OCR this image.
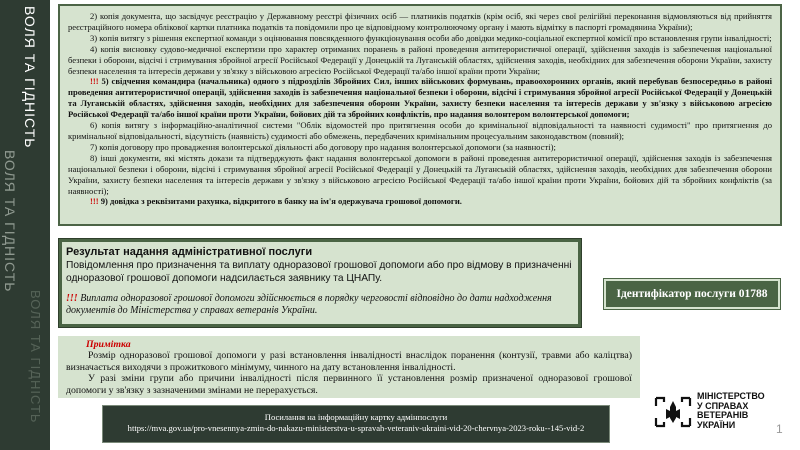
ВОЛЯ ТА ГІДНІСТЬ
ВОЛЯ ТА ГІДНІСТЬ
ВОЛЯ ТА ГІДНІСТЬ

2) копія документа, що засвідчує реєстрацію у Державному реєстрі фізичних осіб — платників податків (крім осіб, які через свої релігійні переконання відмовляються від прийняття реєстраційного номера облікової картки платника податків та повідомили про це відповідному контролюючому органу і мають відмітку в паспорті громадянина України);

3) копія витягу з рішення експертної команди з оцінювання повсякденного функціонування особи або довідки медико-соціальної експертної комісії про встановлення групи інвалідності;

4) копія висновку судово-медичної експертизи про характер отриманих поранень в районі проведення антитерористичної операції, здійснення заходів із забезпечення національної безпеки і оборони, відсічі і стримування збройної агресії Російської Федерації у Донецькій та Луганській областях, здійснення заходів, необхідних для забезпечення оборони України, захисту безпеки населення та інтересів держави у зв'язку з військовою агресією Російської Федерації та/або іншої країни проти України;

!!! 5) свідчення командира (начальника) одного з підрозділів Збройних Сил, інших військових формувань, правоохоронних органів, який перебував безпосередньо в районі проведення антитерористичної операції, здійснення заходів із забезпечення національної безпеки і оборони, відсічі і стримування збройної агресії Російської Федерації у Донецькій та Луганській областях, здійснення заходів, необхідних для забезпечення оборони України, захисту безпеки населення та інтересів держави у зв'язку з військовою агресією Російської Федерації та/або іншої країни проти України, бойових дій та збройних конфліктів, про надання волонтером волонтерської допомоги;

6) копія витягу з інформаційно-аналітичної системи "Облік відомостей про притягнення особи до кримінальної відповідальності та наявності судимості" про притягнення до кримінальної відповідальності, відсутність (наявність) судимості або обмежень, передбачених кримінальним процесуальним законодавством (повний);

7) копія договору про провадження волонтерської діяльності або договору про надання волонтерської допомоги (за наявності);

8) інші документи, які містять докази та підтверджують факт надання волонтерської допомоги в районі проведення антитерористичної операції, здійснення заходів із забезпечення національної безпеки і оборони, відсічі і стримування збройної агресії Російської Федерації у Донецькій та Луганській областях, здійснення заходів, необхідних для забезпечення оборони України, захисту безпеки населення та інтересів держави у зв'язку з військовою агресією Російської Федерації та/або іншої країни проти України, бойових дій та збройних конфліктів (за наявності);

!!! 9) довідка з реквізитами рахунка, відкритого в банку на ім'я одержувача грошової допомоги.

Результат надання адміністративної послуги
Повідомлення про призначення та виплату одноразової грошової допомоги або про відмову в призначенні одноразової грошової допомоги надсилається заявнику та ЦНАПу.
!!! Виплата одноразової грошової допомоги здійснюється в порядку черговості відповідно до дати надходження документів до Міністерства у справах ветеранів України.
Ідентифікатор послуги 01788
Примітка

Розмір одноразової грошової допомоги у разі встановлення інвалідності внаслідок поранення (контузії, травми або каліцтва) визначається виходячи з прожиткового мінімуму, чинного на дату встановлення інвалідності.

У разі зміни групи або причини інвалідності після первинного її установлення розмір призначеної одноразової грошової допомоги у зв'язку з зазначеними змінами не перерахується.

Посилання на інформаційну картку адмінпослуги
https://mva.gov.ua/pro-vnesennya-zmin-do-nakazu-ministerstva-u-spravah-veteraniv-ukraini-vid-20-chervnya-2023-roku--145-vid-2
МІНІСТЕРСТВО
У СПРАВАХ
ВЕТЕРАНІВ
УКРАЇНИ	1
